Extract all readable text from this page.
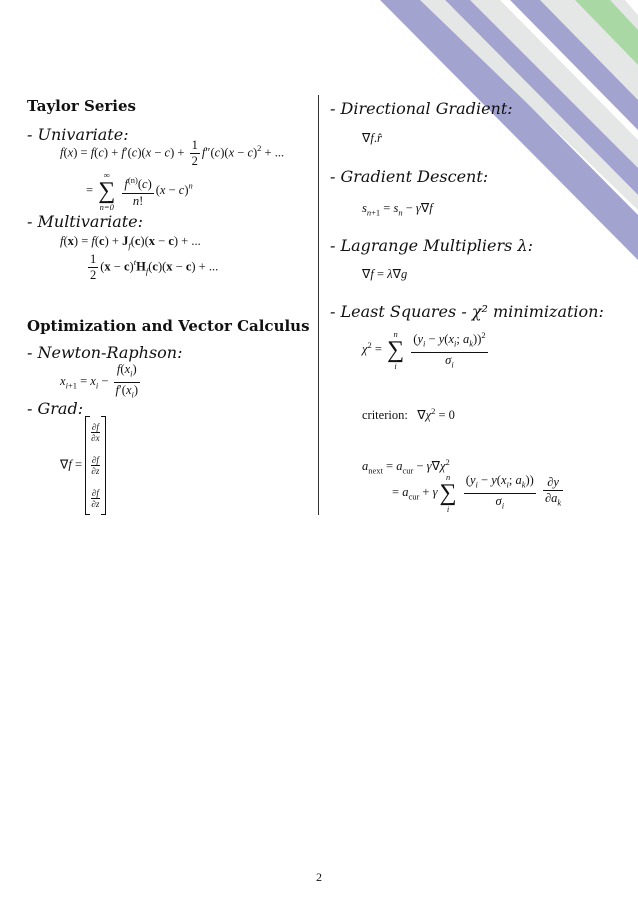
Taylor Series
- Univariate:
$f(x) = f(c) + f'(c)(x - c) + \frac{1}{2} f''(c)(x - c)^2$ + ...
=
∞
∑
n=0
$\frac{f^{(n)}(c)}{n!} (x - c)^n$
- Multivariate:
$f(x) = f(c) + J_f(c)(x - c)$ + ...
$\frac{1}{2} (x - c)^tH_f(c)(x - c)$ + ...
Optimization and Vector Calculus
- Newton-Raphson:
$x_{i+1} = x_i - \frac{f(x_i)}{f'(x_i)}$
- Grad:
∇f =
∂f
∂x
∂f
∂z
∂f
∂z
- Directional Gradient:
∇f.r̂
- Gradient Descent:
$s_{n+1} = s_n - \gamma\nabla f$
- Lagrange Multipliers λ:
∇f = λ∇g
- Least Squares - χ² minimization:
$\chi^2$ =
n
∑
i
	$\frac{(y_i - y(x_i; a_k))^2}{\sigma_i}$
criterion:   $\nabla\chi^2 = 0$
$a_{next} = a_{cur} - \gamma\nabla\chi^2$
= $a_{cur} + \gamma$
n
∑
i
	$\frac{(y_i - y(x_i; a_k))}{\sigma_i}$
$\frac{\partial y}{\partial a_k}$
2
